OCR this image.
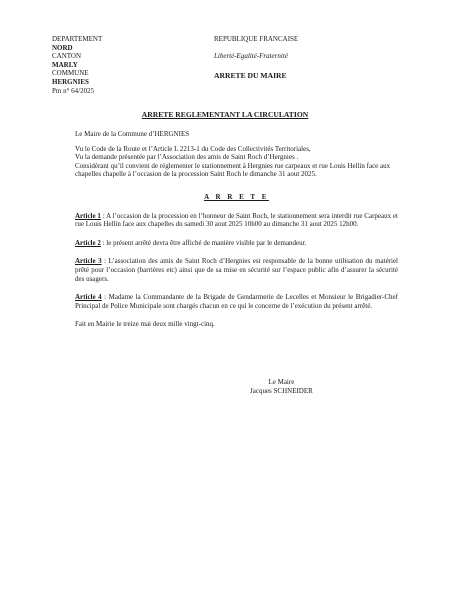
DEPARTEMENT
NORD
CANTON
MARLY
COMMUNE
HERGNIES
Pm n° 64/2025
REPUBLIQUE FRANCAISE
Liberté-Egalité-Fraternité
ARRETE DU MAIRE
ARRETE REGLEMENTANT LA CIRCULATION

Le Maire de la Commune d’HERGNIES

Vu le Code de la Route et l’Article L 2213-1 du Code des Collectivités Territoriales,

Vu la demande présentée par l’Association des amis de Saint Roch d’Hergnies .

Considérant qu’il convient de réglementer le stationnement à Hergnies rue carpeaux et rue Louis Hellin face aux chapelles chapelle à l’occasion de la procession Saint Roch le dimanche 31 aout 2025.

A R R E T E

Article 1 : A l’occasion de la procession en l’honneur de Saint Roch, le stationnement sera interdit rue Carpeaux et rue Louis Hellin face aux chapelles du samedi 30 aout 2025 10h00 au dimanche 31 aout 2025 12h00.

Article 2 : le présent arrêté devra être affiché de manière visible par le demandeur.

Article 3 : L’association des amis de Saint Roch d’Hergnies est responsable de la bonne utilisation du matériel prêté pour l’occasion (barrières etc) ainsi que de sa mise en sécurité sur l’espace public afin d’assurer la sécurité des usagers.

Article 4 : Madame la Commandante de la Brigade de Gendarmerie de Lecelles et Monsieur le Brigadier-Chef Principal de Police Municipale sont chargés chacun en ce qui le concerne de l’exécution du présent arrêté.

Fait en Mairie le treize mai deux mille vingt-cinq.
Le Maire
Jacques SCHNEIDER
